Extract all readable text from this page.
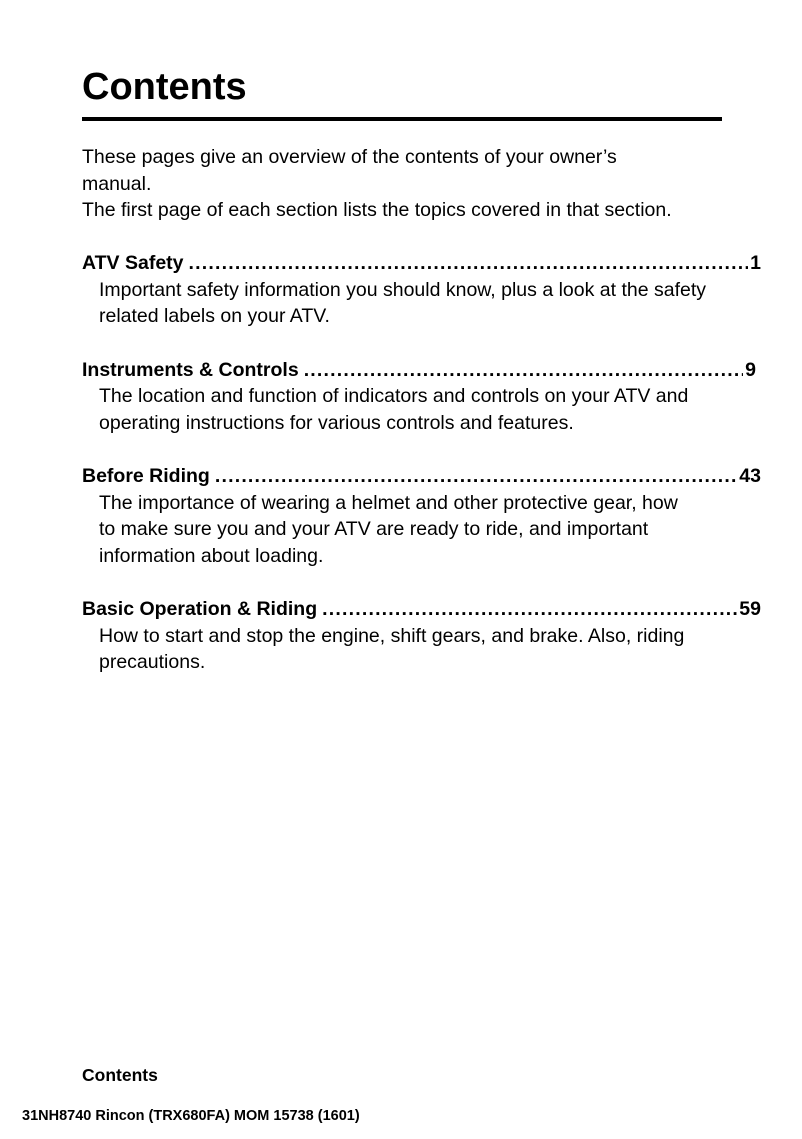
Contents

These pages give an overview of the contents of your owner’s manual.

The first page of each section lists the topics covered in that section.

ATV Safety .....	1

Important safety information you should know, plus a look at the safety related labels on your ATV.

Instruments & Controls .....	9

The location and function of indicators and controls on your ATV and operating instructions for various controls and features.

Before Riding .....	43

The importance of wearing a helmet and other protective gear, how to make sure you and your ATV are ready to ride, and important information about loading.

Basic Operation & Riding .....	59

How to start and stop the engine, shift gears, and brake. Also, riding precautions.

Contents
31NH8740 Rincon (TRX680FA) MOM 15738 (1601)
